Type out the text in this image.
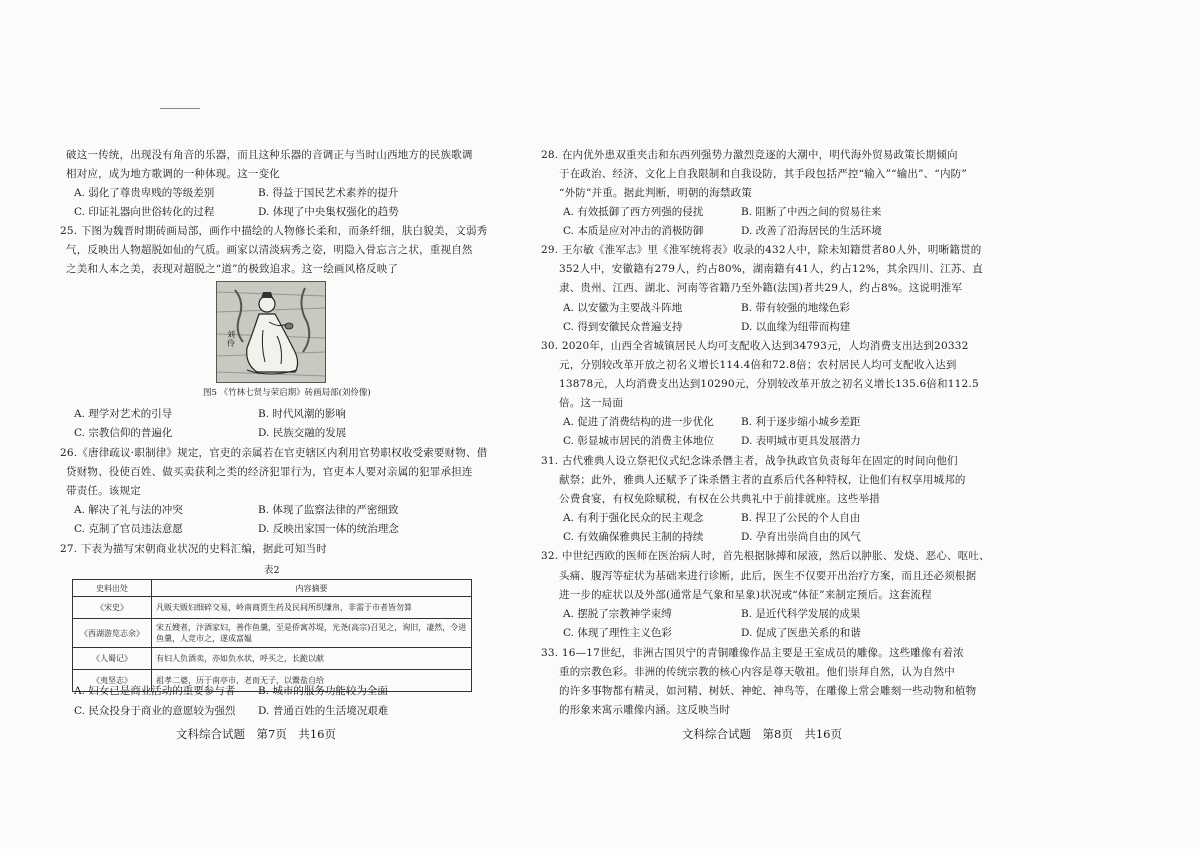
破这一传统，出现没有角音的乐器，而且这种乐器的音调正与当时山西地方的民族歌调
相对应，成为地方歌调的一种体现。这一变化
A. 弱化了尊贵卑贱的等级差别	B. 得益于国民艺术素养的提升
C. 印证礼器向世俗转化的过程	D. 体现了中央集权强化的趋势
25. 下图为魏晋时期砖画局部，画作中描绘的人物修长柔和，而条纤细，肤白貌美，文弱秀
气，反映出人物超脱如仙的气质。画家以清淡病秀之姿，明隐入骨忘言之状，重视自然
之美和人本之美，表现对超脱之“道”的极致追求。这一绘画风格反映了
刘伶
图5 《竹林七贤与荣启期》砖画局部(刘伶像)
A. 理学对艺术的引导	B. 时代风潮的影响
C. 宗教信仰的普遍化	D. 民族交融的发展
26.《唐律疏议·职制律》规定，官吏的亲属若在官吏辖区内利用官势职权收受索要财物、借
贷财物、役使百姓、做买卖获利之类的经济犯罪行为，官吏本人要对亲属的犯罪承担连
带责任。该规定
A. 解决了礼与法的冲突	B. 体现了监察法律的严密细致
C. 克制了官员违法意愿	D. 反映出家国一体的统治理念
27. 下表为描写宋朝商业状况的史料汇编，据此可知当时
表2
史料出处	内容摘要
《宋史》	凡贩夫贩妇细碎交易，岭南商贾生药及民间所织缣帛，非需于市者皆勿算
《西湖游览志余》	宋五嫂者，汴酒家妇，善作鱼羹，至是侨寓苏堤，光尧(高宗)召见之，询旧，凄然，令进鱼羹，人竞市之，遂成富媪
《人蜀记》	有妇人负酒卖，亦如负水状，呼买之，长跪以献
《夷坚志》	祖孝二婆，历于南亭市，老而无子，以鬻盐自给
A. 妇女已是商业活动的重要参与者 B. 城市的服务功能较为全面
C. 民众投身于商业的意愿较为强烈 D. 普通百姓的生活境况艰难
文科综合试题　第7页　共16页
28. 在内优外患双重夹击和东西列强势力激烈竞逐的大潮中，明代海外贸易政策长期倾向
于在政治、经济、文化上自我限制和自我设防，其手段包括严控“输入”“输出”、“内防”
“外防”并重。据此判断，明朝的海禁政策
A. 有效抵御了西方列强的侵扰	B. 阻断了中西之间的贸易往来
C. 本质是应对冲击的消极防御	D. 改善了沿海居民的生活环境
29. 王尔敏《淮军志》里《淮军统将表》收录的432人中，除未知籍贯者80人外，明晰籍贯的
352人中，安徽籍有279人，约占80%，湖南籍有41人，约占12%，其余四川、江苏、直
隶、贵州、江西、湖北、河南等省籍乃至外籍(法国)者共29人，约占8%。这说明淮军
A. 以安徽为主要战斗阵地	B. 带有较强的地缘色彩
C. 得到安徽民众普遍支持	D. 以血缘为纽带而构建
30. 2020年，山西全省城镇居民人均可支配收入达到34793元，人均消费支出达到20332
元，分别较改革开放之初名义增长114.4倍和72.8倍；农村居民人均可支配收入达到
13878元，人均消费支出达到10290元，分别较改革开放之初名义增长135.6倍和112.5
倍。这一局面
A. 促进了消费结构的进一步优化	B. 利于逐步缩小城乡差距
C. 彰显城市居民的消费主体地位	D. 表明城市更具发展潜力
31. 古代雅典人设立祭祀仪式纪念诛杀僭主者，战争执政官负责每年在固定的时间向他们
献祭；此外，雅典人还赋予了诛杀僭主者的直系后代各种特权，让他们有权享用城邦的
公费食宴，有权免除赋税，有权在公共典礼中于前排就座。这些举措
A. 有利于强化民众的民主观念	B. 捍卫了公民的个人自由
C. 有效确保雅典民主制的持续	D. 孕育出崇尚自由的风气
32. 中世纪西欧的医师在医治病人时，首先根据脉搏和尿液，然后以肿胀、发烧、恶心、呕吐、
头痛、腹泻等症状为基础来进行诊断，此后，医生不仅要开出治疗方案，而且还必须根据
进一步的症状以及外部(通常是气象和星象)状况或“体征”来制定预后。这套流程
A. 摆脱了宗教神学束缚	B. 是近代科学发展的成果
C. 体现了理性主义色彩	D. 促成了医患关系的和谐
33. 16—17世纪，非洲古国贝宁的青铜雕像作品主要是王室成员的雕像。这些雕像有着浓
重的宗教色彩。非洲的传统宗教的核心内容是尊天敬祖。他们崇拜自然，认为自然中
的许多事物都有精灵，如河精、树妖、神蛇、神鸟等，在雕像上常会雕刻一些动物和植物
的形象来寓示雕像内涵。这反映当时
文科综合试题　第8页　共16页
